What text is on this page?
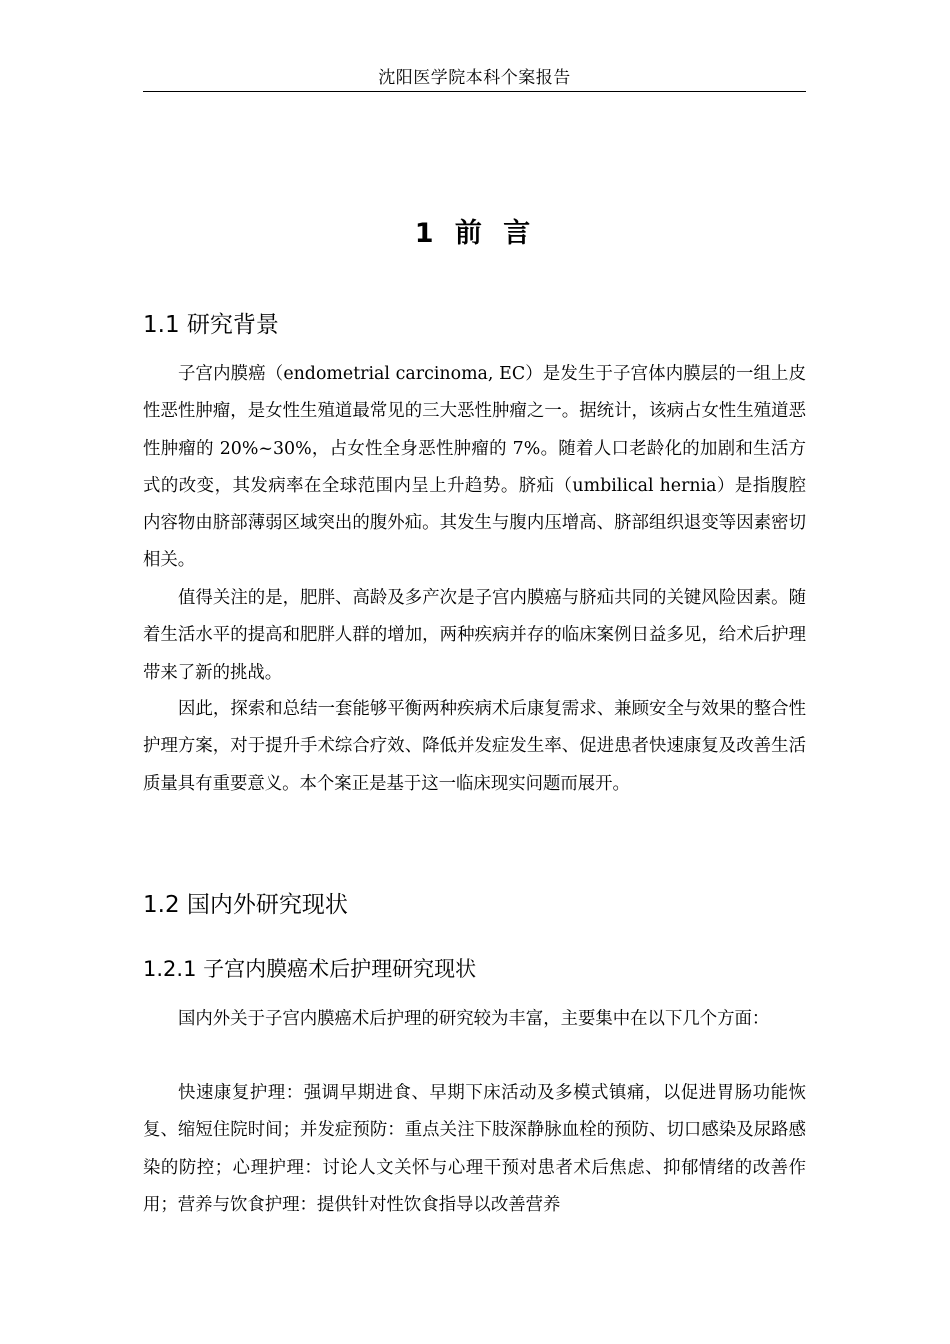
沈阳医学院本科个案报告
1 前 言
1.1 研究背景

子宫内膜癌（endometrial carcinoma, EC）是发生于子宫体内膜层的一组上皮性恶性肿瘤，是女性生殖道最常见的三大恶性肿瘤之一。据统计，该病占女性生殖道恶性肿瘤的 20%~30%，占女性全身恶性肿瘤的 7%。随着人口老龄化的加剧和生活方式的改变，其发病率在全球范围内呈上升趋势。脐疝（umbilical hernia）是指腹腔内容物由脐部薄弱区域突出的腹外疝。其发生与腹内压增高、脐部组织退变等因素密切相关。

值得关注的是，肥胖、高龄及多产次是子宫内膜癌与脐疝共同的关键风险因素。随着生活水平的提高和肥胖人群的增加，两种疾病并存的临床案例日益多见，给术后护理带来了新的挑战。

因此，探索和总结一套能够平衡两种疾病术后康复需求、兼顾安全与效果的整合性护理方案，对于提升手术综合疗效、降低并发症发生率、促进患者快速康复及改善生活质量具有重要意义。本个案正是基于这一临床现实问题而展开。

1.2 国内外研究现状
1.2.1 子宫内膜癌术后护理研究现状

国内外关于子宫内膜癌术后护理的研究较为丰富，主要集中在以下几个方面：

快速康复护理：强调早期进食、早期下床活动及多模式镇痛，以促进胃肠功能恢复、缩短住院时间；并发症预防：重点关注下肢深静脉血栓的预防、切口感染及尿路感染的防控；心理护理：讨论人文关怀与心理干预对患者术后焦虑、抑郁情绪的改善作用；营养与饮食护理：提供针对性饮食指导以改善营养
